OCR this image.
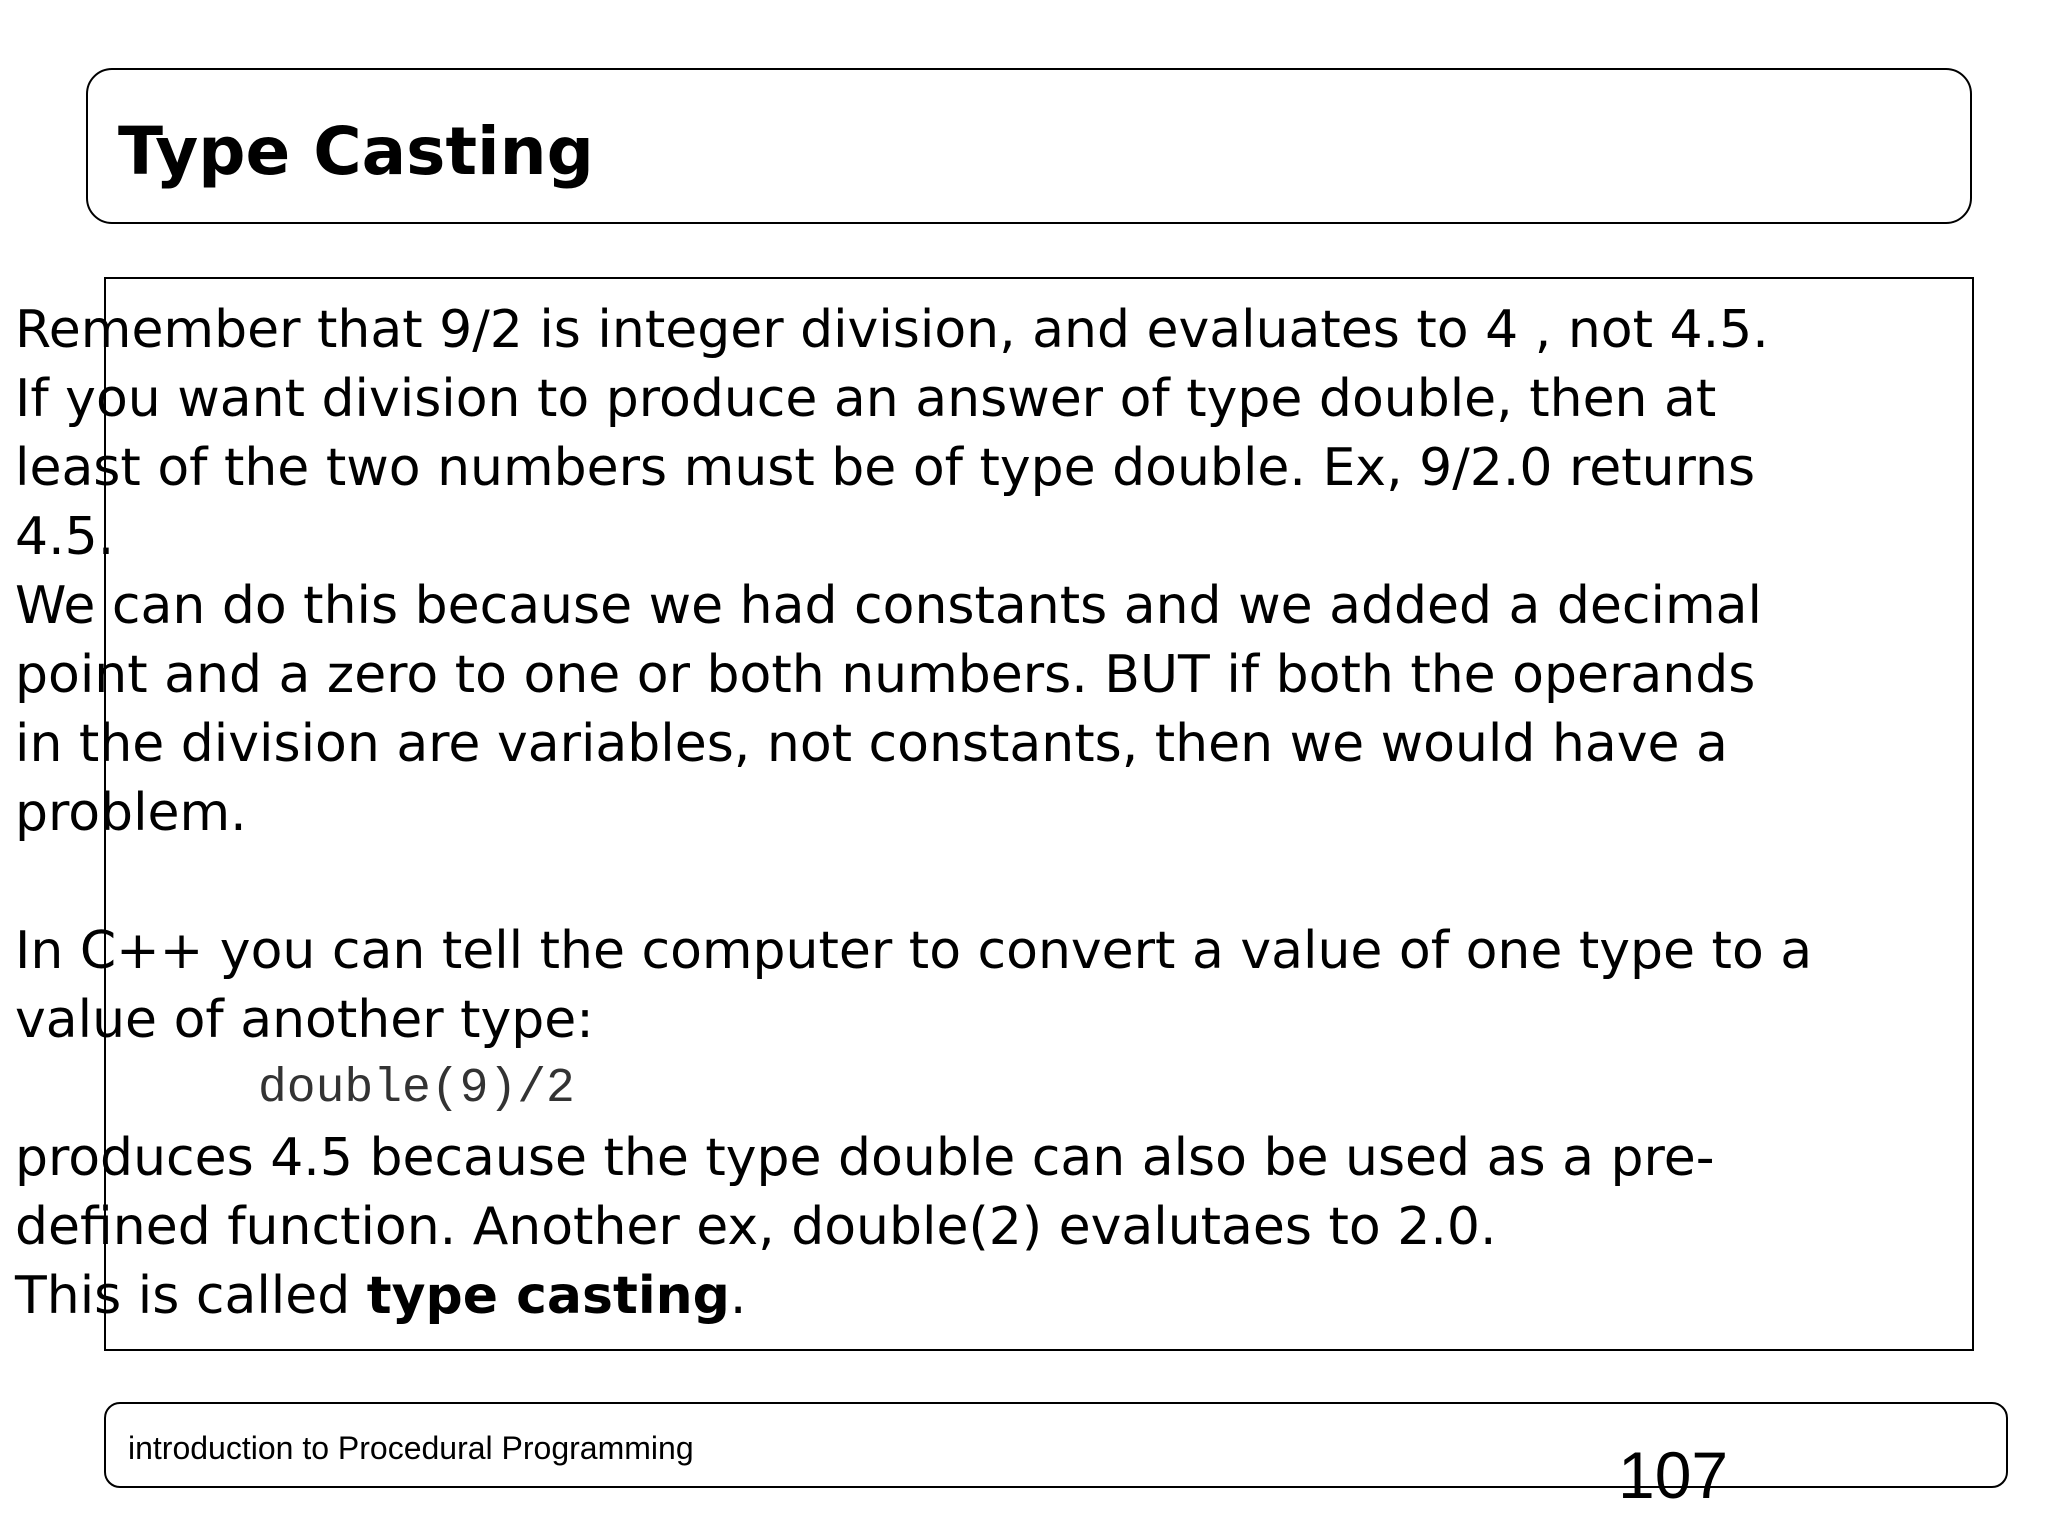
Type Casting
Remember that 9/2 is integer division, and evaluates to 4 , not 4.5.
If you want division to produce an answer of type double, then at
least of the two numbers must be of type double. Ex, 9/2.0 returns
4.5.
We can do this because we had constants and we added a decimal
point and a zero to one or both numbers. BUT if both the operands
in the division are variables, not constants, then we would have a
problem.
In C++ you can tell the computer to convert a value of one type to a
value of another type:
double(9)/2
produces 4.5 because the type double can also be used as a pre-
defined function. Another ex, double(2) evalutaes to 2.0.
This is called type casting.
introduction to Procedural Programming	107
